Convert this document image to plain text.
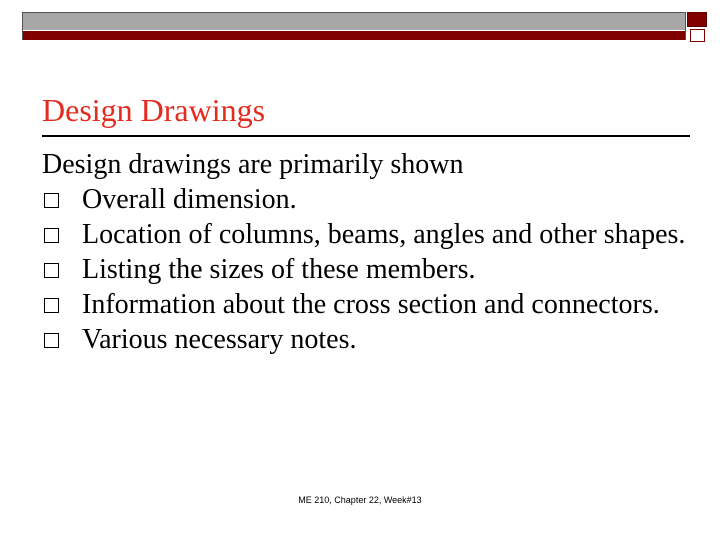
Design Drawings
Design drawings are primarily shown
Overall dimension.
Location of columns, beams, angles and other shapes.
Listing the sizes of these members.
Information about the cross section and connectors.
Various necessary notes.
ME 210, Chapter 22, Week#13
